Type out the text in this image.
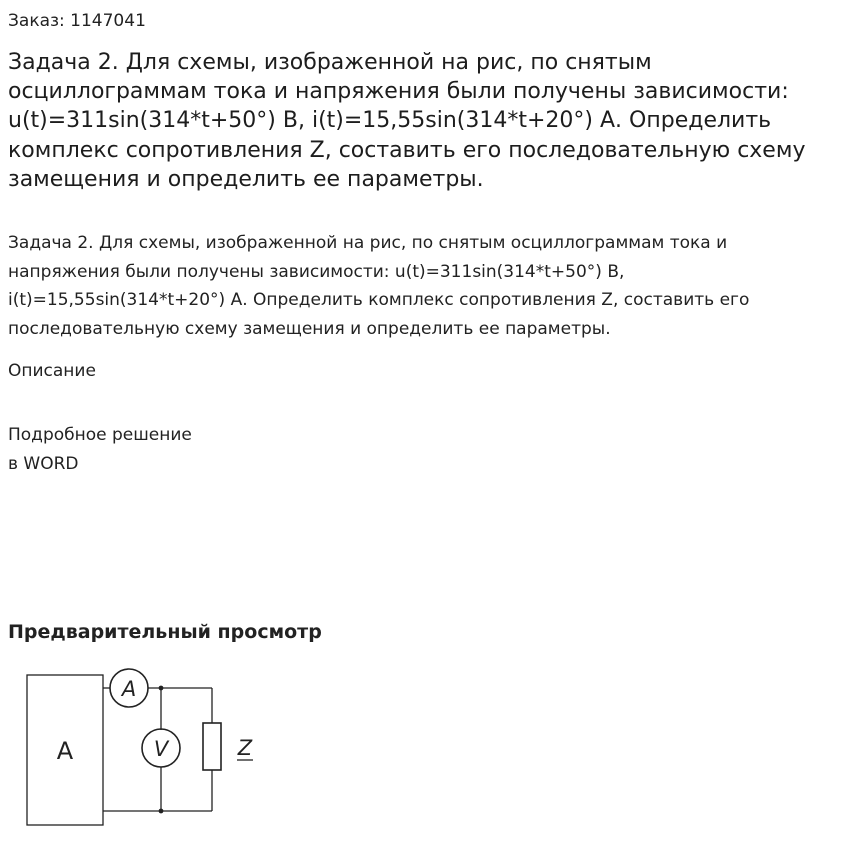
Заказ: 1147041
Задача 2. Для схемы, изображенной на рис, по снятым осциллограммам тока и напряжения были получены зависимости: u(t)=311sin(314*t+50°) В, i(t)=15,55sin(314*t+20°) А. Определить комплекс сопротивления Z, составить его последовательную схему замещения и определить ее параметры.

Задача 2. Для схемы, изображенной на рис, по снятым осциллограммам тока и напряжения были получены зависимости: u(t)=311sin(314*t+50°) В, i(t)=15,55sin(314*t+20°) А. Определить комплекс сопротивления Z, составить его последовательную схему замещения и определить ее параметры.

Описание
Подробное решение
в WORD
Предварительный просмотр
A
A
V	Z
